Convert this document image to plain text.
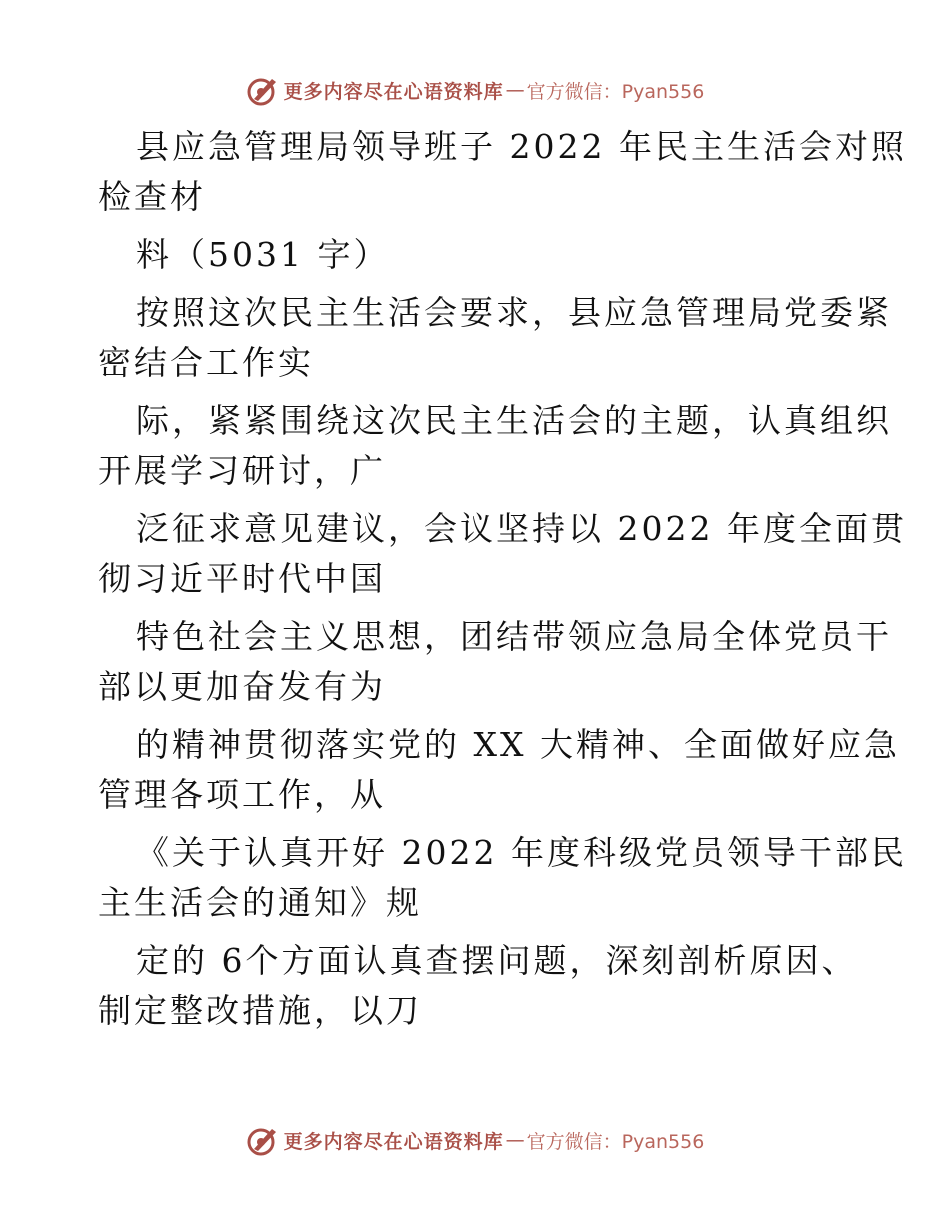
更多内容尽在心语资料库 — 官方微信：Pyan556
县应急管理局领导班子 2022 年民主生活会对照
检查材
料（5031 字）
按照这次民主生活会要求，县应急管理局党委紧
密结合工作实
际，紧紧围绕这次民主生活会的主题，认真组织
开展学习研讨，广
泛征求意见建议，会议坚持以 2022 年度全面贯
彻习近平时代中国
特色社会主义思想，团结带领应急局全体党员干
部以更加奋发有为
的精神贯彻落实党的 XX 大精神、全面做好应急
管理各项工作，从
《关于认真开好 2022 年度科级党员领导干部民
主生活会的通知》规
定的 6个方面认真查摆问题，深刻剖析原因、
制定整改措施，以刀
更多内容尽在心语资料库 — 官方微信：Pyan556
